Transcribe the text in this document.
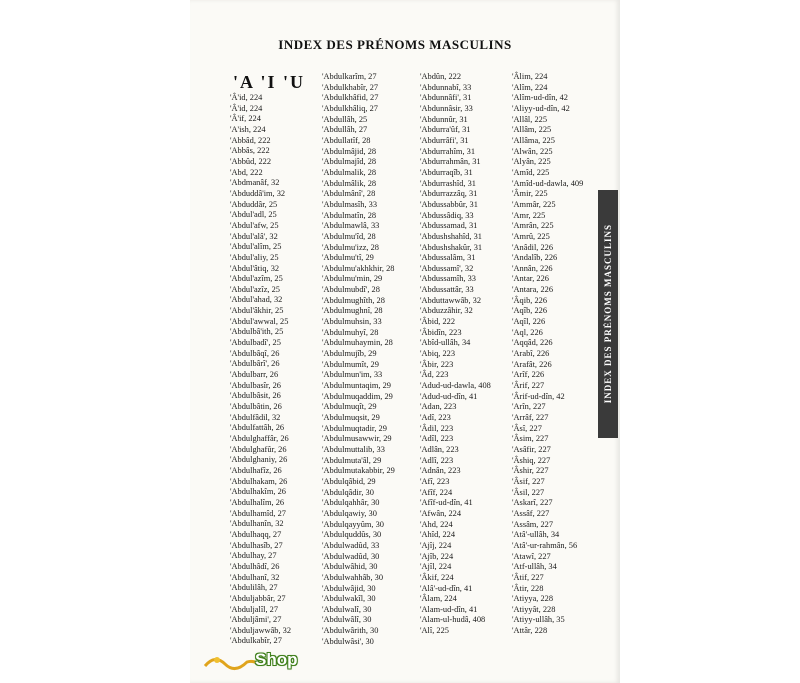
INDEX DES PRÉNOMS MASCULINS
INDEX DES PRÉNOMS MASCULINS
'A 'I 'U
'Â'id, 224
'Â'id, 224
'Â'if, 224
'A'ish, 224
'Abbâd, 222
'Abbâs, 222
'Abbûd, 222
'Abd, 222
'Abdmanâf, 32
'Abduddâ'im, 32
'Abduddâr, 25
'Abdul'adl, 25
'Abdul'afw, 25
'Abdul'alâ', 32
'Abdul'alîm, 25
'Abdul'aliy, 25
'Abdul'âtiq, 32
'Abdul'azîm, 25
'Abdul'azîz, 25
'Abdul'ahad, 32
'Abdul'âkhir, 25
'Abdul'awwal, 25
'Abdulbâ'ith, 25
'Abdulbadî', 25
'Abdulbâqî, 26
'Abdulbârî', 26
'Abdulbarr, 26
'Abdulbasîr, 26
'Abdulbâsit, 26
'Abdulbâtin, 26
'Abdulfâdil, 32
'Abdulfattâh, 26
'Abdulghaffâr, 26
'Abdulghafûr, 26
'Abdulghaniy, 26
'Abdulhafîz, 26
'Abdulhakam, 26
'Abdulhakîm, 26
'Abdulhalîm, 26
'Abdulhamîd, 27
'Abdulhanîn, 32
'Abdulhaqq, 27
'Abdulhasîb, 27
'Abdulhay, 27
'Abdulhâdî, 26
'Abdulhanî, 32
'Abdulilâh, 27
'Abduljabbâr, 27
'Abduljalîl, 27
'Abduljâmi', 27
'Abduljawwâb, 32
'Abdulkabîr, 27
'Abdulkarîm, 27
'Abdulkhabîr, 27
'Abdulkhâfid, 27
'Abdulkhâliq, 27
'Abdullâh, 25
'Abdullâh, 27
'Abdullatîf, 28
'Abdulmâjid, 28
'Abdulmajîd, 28
'Abdulmalik, 28
'Abdulmâlik, 28
'Abdulmânî', 28
'Abdulmasîh, 33
'Abdulmatîn, 28
'Abdulmawlâ, 33
'Abdulmu'îd, 28
'Abdulmu'izz, 28
'Abdulmu'tî, 29
'Abdulmu'akhkhir, 28
'Abdulmu'min, 29
'Abdulmubdî', 28
'Abdulmughîth, 28
'Abdulmughnî, 28
'Abdulmuhsin, 33
'Abdulmuhyî, 28
'Abdulmuhaymin, 28
'Abdulmujîb, 29
'Abdulmumît, 29
'Abdulmun'im, 33
'Abdulmuntaqim, 29
'Abdulmuqaddim, 29
'Abdulmuqît, 29
'Abdulmuqsit, 29
'Abdulmuqtadir, 29
'Abdulmusawwir, 29
'Abdulmuttalib, 33
'Abdulmuta'âl, 29
'Abdulmutakabbir, 29
'Abdulqâbid, 29
'Abdulqâdir, 30
'Abdulqahhâr, 30
'Abdulqawiy, 30
'Abdulqayyûm, 30
'Abdulquddûs, 30
'Abdulwadûd, 33
'Abdulwadûd, 30
'Abdulwâhid, 30
'Abdulwahhâb, 30
'Abdulwâjid, 30
'Abdulwakîl, 30
'Abdulwalî, 30
'Abdulwâlî, 30
'Abdulwârith, 30
'Abdulwâsi', 30
'Abdûn, 222
'Abdunnabî, 33
'Abdunnâfi', 31
'Abdunnâsir, 33
'Abdunnûr, 31
'Abdurra'ûf, 31
'Abdurrâfi', 31
'Abdurrahîm, 31
'Abdurrahmân, 31
'Abdurraqîb, 31
'Abdurrashîd, 31
'Abdurrazzâq, 31
'Abdussabbûr, 31
'Abdussâdiq, 33
'Abdussamad, 31
'Abdushshahîd, 31
'Abdushshakûr, 31
'Abdussalâm, 31
'Abdussamî', 32
'Abdussamîh, 33
'Abdussattâr, 33
'Abduttawwâb, 32
'Abduzzâhir, 32
'Âbid, 222
'Âbidîn, 223
'Abîd-ullâh, 34
'Abiq, 223
'Âbir, 223
'Âd, 223
'Adud-ud-dawla, 408
'Adud-ud-dîn, 41
'Adan, 223
'Adî, 223
'Âdil, 223
'Adîl, 223
'Adlân, 223
'Adlî, 223
'Adnân, 223
'Afî, 223
'Afîf, 224
'Afîf-ud-dîn, 41
'Afwân, 224
'Ahd, 224
'Ahîd, 224
'Ajîj, 224
'Ajîb, 224
'Ajîl, 224
'Âkif, 224
'Alâ'-ud-dîn, 41
'Âlam, 224
'Alam-ud-dîn, 41
'Alam-ul-hudâ, 408
'Alî, 225
'Âlim, 224
'Alîm, 224
'Alîm-ud-dîn, 42
'Aliyy-ud-dîn, 42
'Allâl, 225
'Allâm, 225
'Allâma, 225
'Alwân, 225
'Alyân, 225
'Amîd, 225
'Amîd-ud-dawla, 409
'Âmir, 225
'Ammâr, 225
'Amr, 225
'Amrân, 225
'Amrû, 225
'Anâdil, 226
'Andalîb, 226
'Annân, 226
'Antar, 226
'Antara, 226
'Âqib, 226
'Aqîb, 226
'Aqîl, 226
'Aql, 226
'Aqqâd, 226
'Arabî, 226
'Arafât, 226
'Arîf, 226
'Ârif, 227
'Ârif-ud-dîn, 42
'Arîn, 227
'Arrâf, 227
'Âsî, 227
'Âsim, 227
'Asâfir, 227
'Âshiq, 227
'Âshir, 227
'Âsif, 227
'Âsil, 227
'Askarî, 227
'Assâf, 227
'Assâm, 227
'Atâ'-ullâh, 34
'Atâ'-ur-rahmân, 56
'Atawî, 227
'Atf-ullâh, 34
'Âtif, 227
'Âtir, 228
'Atiyya, 228
'Atiyyât, 228
'Atiyy-ullâh, 35
'Attâr, 228
Shop
